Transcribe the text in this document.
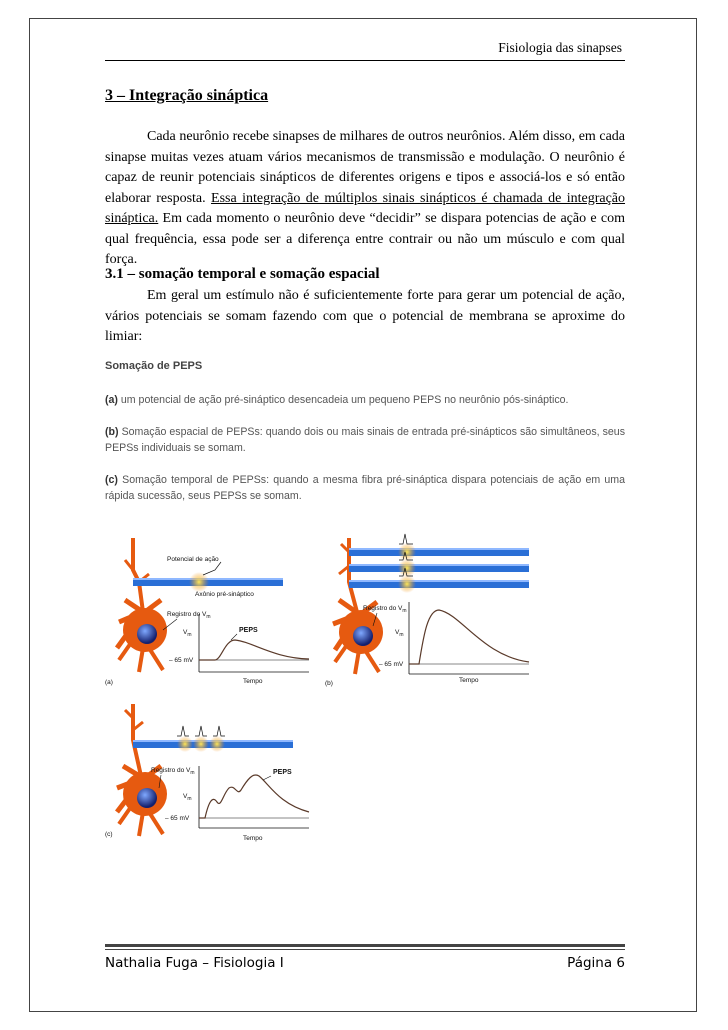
Fisiologia das sinapses
3 – Integração sináptica

Cada neurônio recebe sinapses de milhares de outros neurônios. Além disso, em cada sinapse muitas vezes atuam vários mecanismos de transmissão e modulação. O neurônio é capaz de reunir potenciais sinápticos de diferentes origens e tipos e associá-los e só então elaborar resposta. Essa integração de múltiplos sinais sinápticos é chamada de integração sináptica. Em cada momento o neurônio deve “decidir” se dispara potencias de ação e com qual frequência, essa pode ser a diferença entre contrair ou não um músculo e com qual força.

3.1 – somação temporal e somação espacial

Em geral um estímulo não é suficientemente forte para gerar um potencial de ação, vários potenciais se somam fazendo com que o potencial de membrana se aproxime do limiar:

Somação de PEPS

(a) um potencial de ação pré-sináptico desencadeia um pequeno PEPS no neurônio pós-sináptico.

(b) Somação espacial de PEPSs: quando dois ou mais sinais de entrada pré-sinápticos são simultâneos, seus PEPSs individuais se somam.

(c) Somação temporal de PEPSs: quando a mesma fibra pré-sináptica dispara potenciais de ação em uma rápida sucessão, seus PEPSs se somam.

Potencial de ação
Axônio pré-sináptico
Registro do $V_m$
$V_m$
PEPS
– 65 mV
Tempo
(a)
Registro do $V_m$
$V_m$
– 65 mV
Tempo
(b)
Registro do $V_m$
$V_m$
PEPS
– 65 mV
Tempo
(c)
Nathalia Fuga – Fisiologia I	Página 6
